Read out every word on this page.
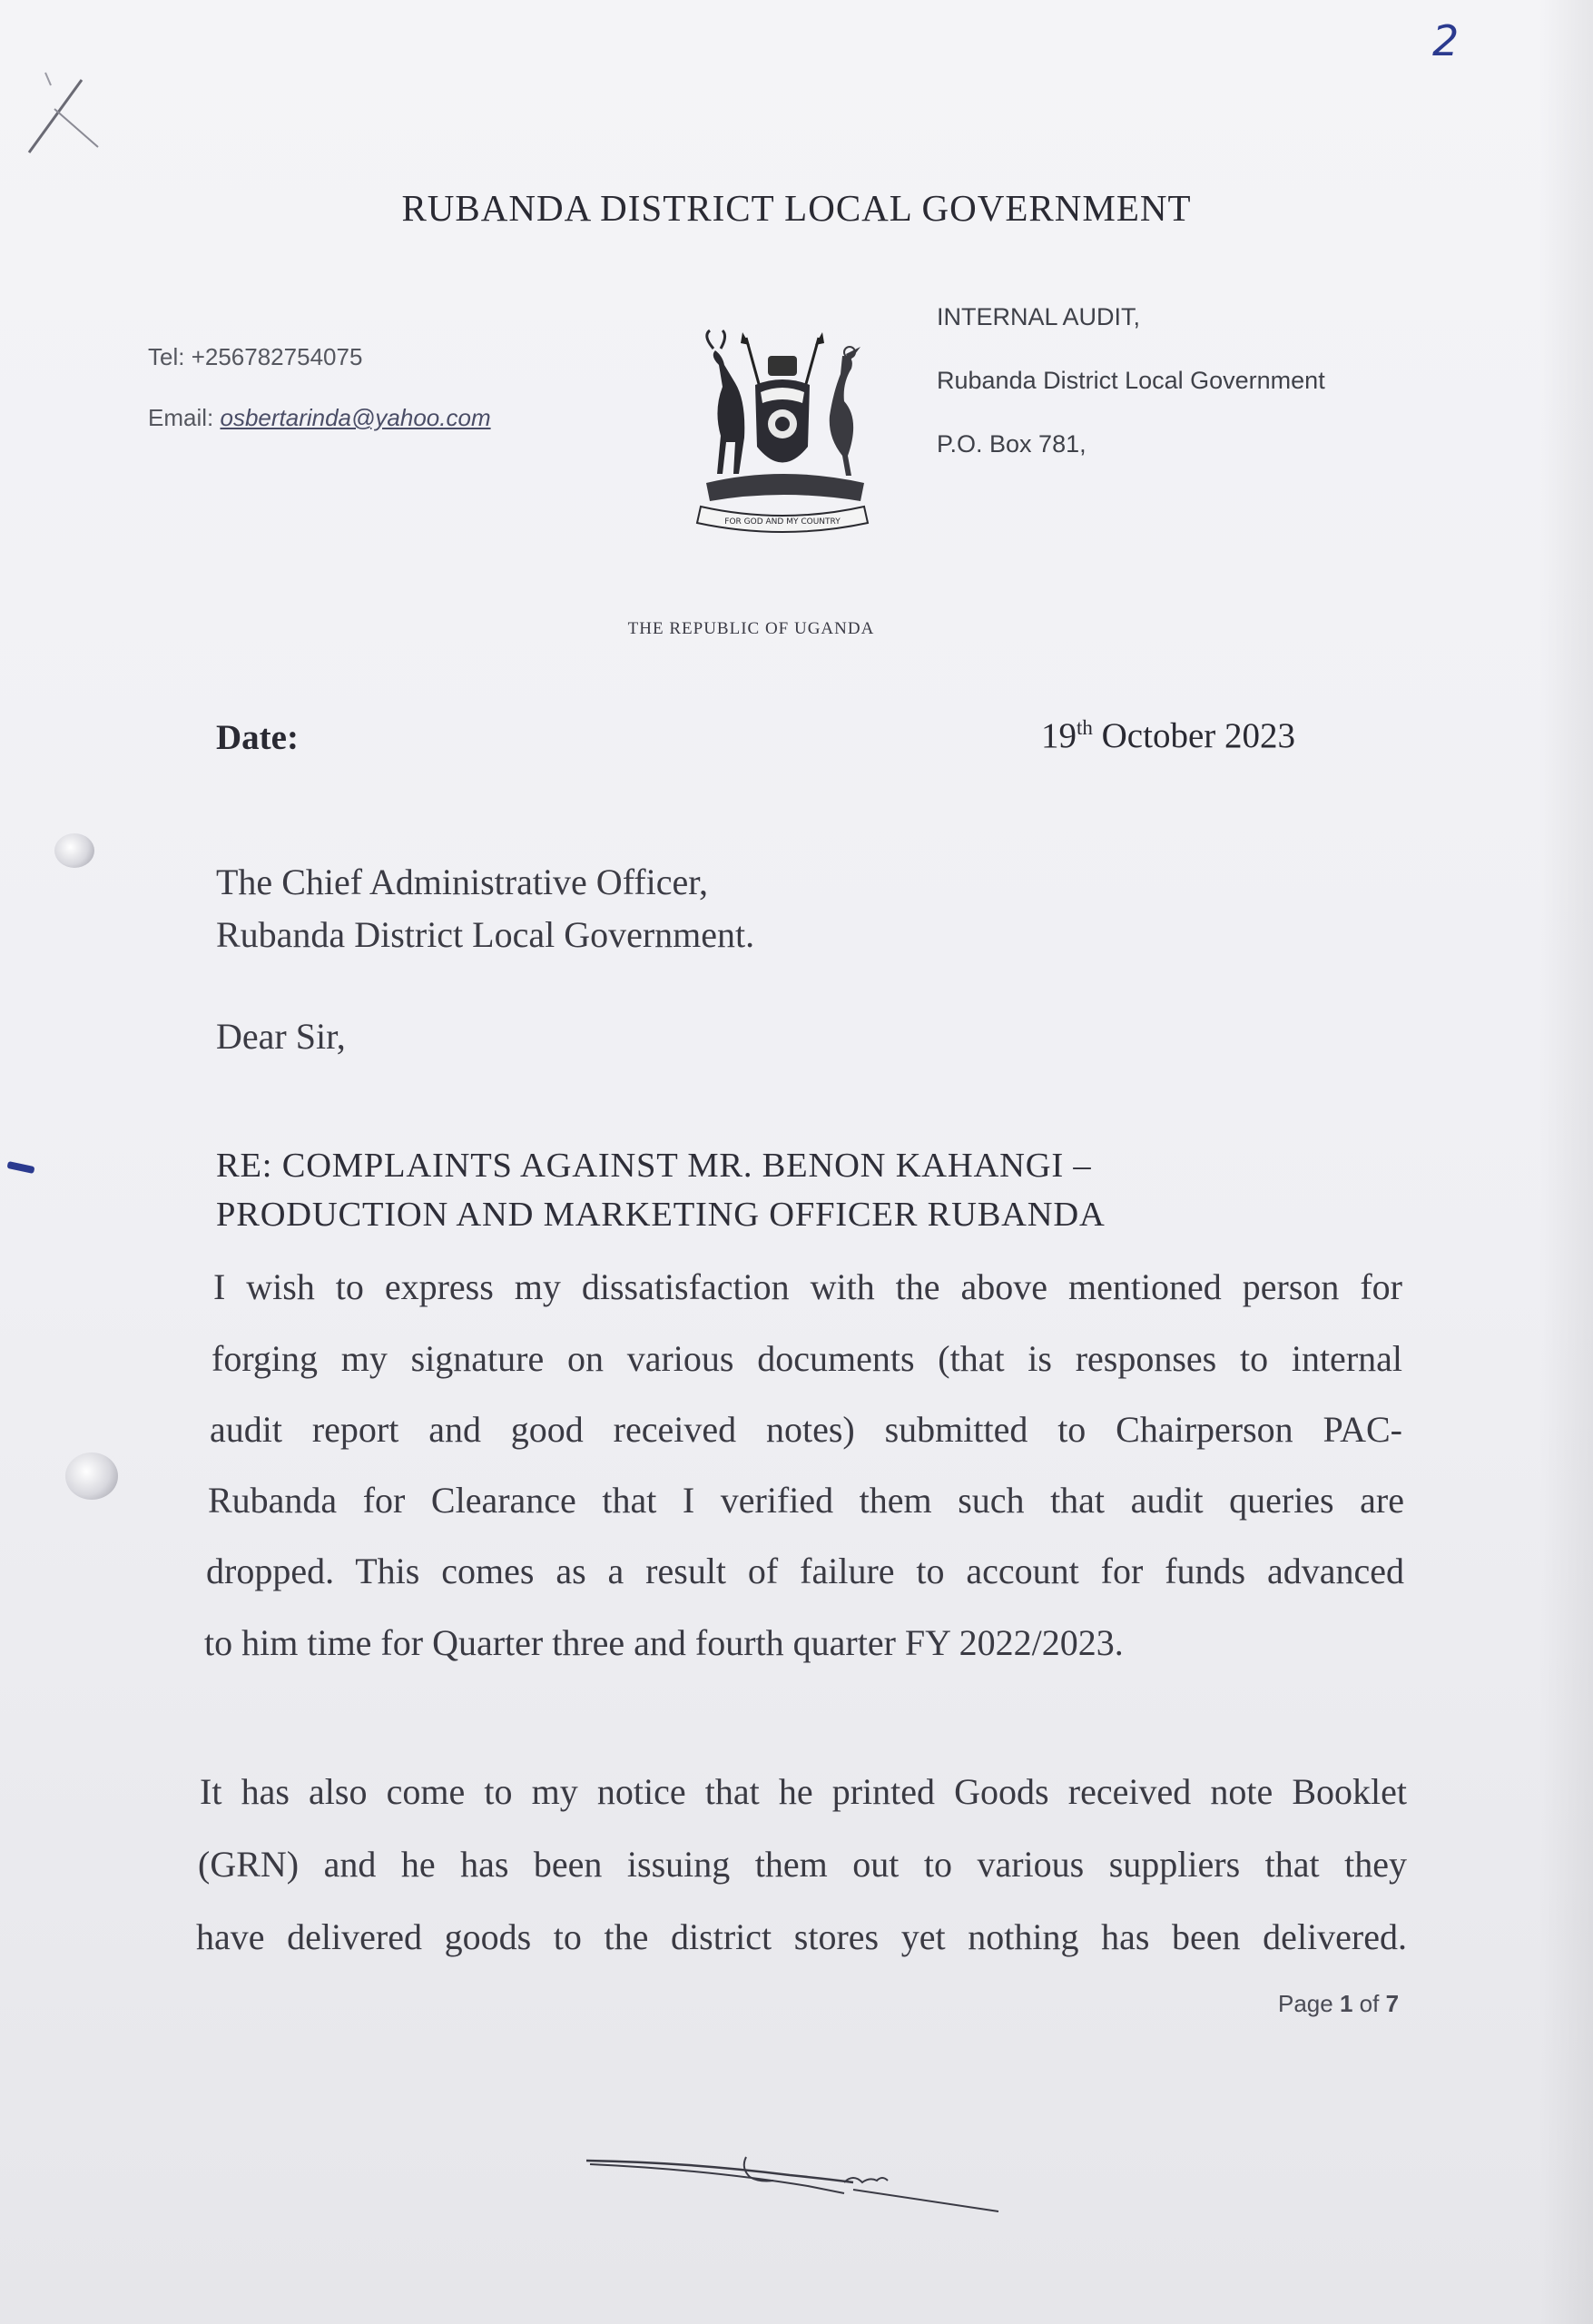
2
RUBANDA DISTRICT LOCAL GOVERNMENT
Tel: +256782754075
Email: osbertarinda@yahoo.com
INTERNAL AUDIT,
Rubanda District Local Government
P.O. Box 781,
FOR GOD AND MY COUNTRY
THE REPUBLIC OF UGANDA
Date:	19th October 2023
The Chief Administrative Officer,
Rubanda District Local Government.
Dear Sir,
RE: COMPLAINTS AGAINST MR. BENON KAHANGI –
PRODUCTION AND MARKETING OFFICER RUBANDA
I wish to express my dissatisfaction with the above mentioned person for
forging my signature on various documents (that is responses to internal
audit report and good received notes) submitted to Chairperson PAC-
Rubanda for Clearance that I verified them such that audit queries are
dropped. This comes as a result of failure to account for funds advanced
to him time for Quarter three and fourth quarter FY 2022/2023.
It has also come to my notice that he printed Goods received note Booklet
(GRN) and he has been issuing them out to various suppliers that they
have delivered goods to the district stores yet nothing has been delivered.
Page 1 of 7
